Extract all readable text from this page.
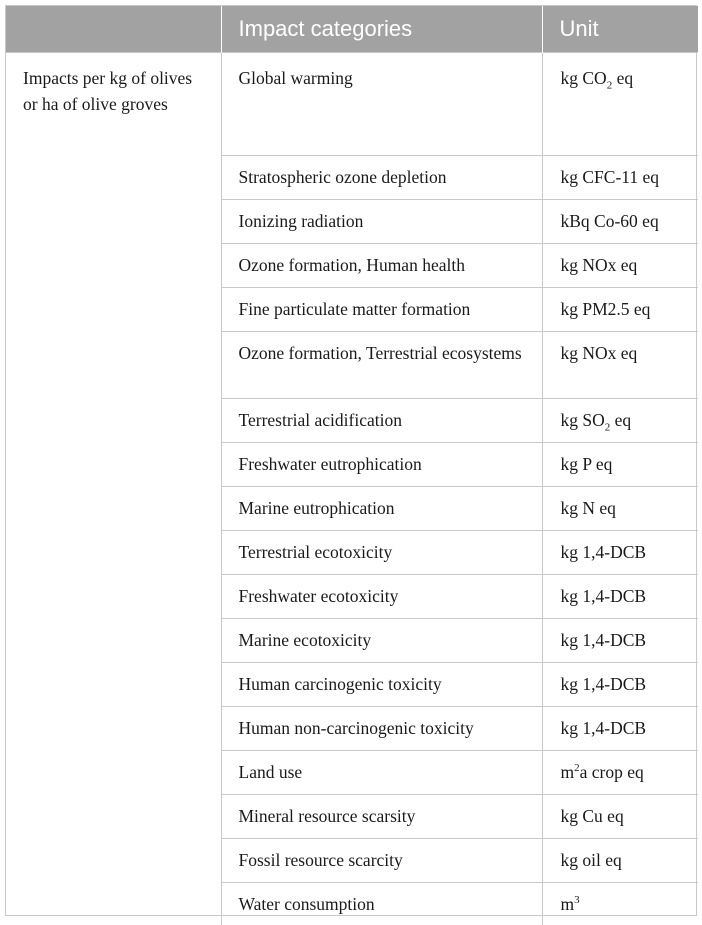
	Impact categories	Unit
Impacts per kg of olives or ha of olive groves	Global warming	kg $CO_2$ eq
	Stratospheric ozone depletion	kg CFC-11 eq
	Ionizing radiation	kBq Co-60 eq
	Ozone formation, Human health	kg NOx eq
	Fine particulate matter formation	kg PM2.5 eq
	Ozone formation, Terrestrial ecosystems	kg NOx eq
	Terrestrial acidification	kg $SO_2$ eq
	Freshwater eutrophication	kg P eq
	Marine eutrophication	kg N eq
	Terrestrial ecotoxicity	kg 1,4-DCB
	Freshwater ecotoxicity	kg 1,4-DCB
	Marine ecotoxicity	kg 1,4-DCB
	Human carcinogenic toxicity	kg 1,4-DCB
	Human non-carcinogenic toxicity	kg 1,4-DCB
	Land use	$m^2a$ crop eq
	Mineral resource scarsity	kg Cu eq
	Fossil resource scarcity	kg oil eq
	Water consumption	$m^3$
